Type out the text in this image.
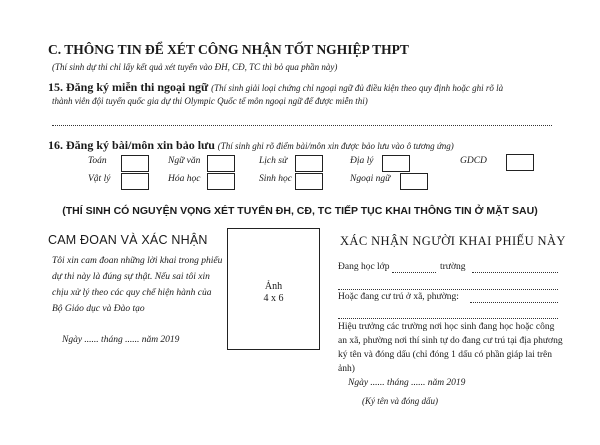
C. THÔNG TIN ĐỂ XÉT CÔNG NHẬN TỐT NGHIỆP THPT
(Thí sinh dự thi chỉ lấy kết quả xét tuyển vào ĐH, CĐ, TC thì bỏ qua phần này)
15. Đăng ký miễn thi ngoại ngữ (Thí sinh giải loại chứng chỉ ngoại ngữ đủ điều kiện theo quy định hoặc ghi rõ là
thành viên đội tuyển quốc gia dự thi Olympic Quốc tế môn ngoại ngữ để được miễn thi)
16. Đăng ký bài/môn xin bảo lưu (Thí sinh ghi rõ điểm bài/môn xin được bảo lưu vào ô tương ứng)
Toán	Ngữ văn	Lịch sử	Địa lý	GDCD
Vật lý	Hóa học	Sinh học	Ngoại ngữ
(THÍ SINH CÓ NGUYỆN VỌNG XÉT TUYỂN ĐH, CĐ, TC TIẾP TỤC KHAI THÔNG TIN Ở MẶT SAU)
CAM ĐOAN VÀ XÁC NHẬN
Tôi xin cam đoan những lời khai trong phiếu dự thi này là đúng sự thật. Nếu sai tôi xin chịu xử lý theo các quy chế hiện hành của Bộ Giáo dục và Đào tạo
Ngày ...... tháng ...... năm 2019
Ảnh
4 x 6
XÁC NHẬN NGƯỜI KHAI PHIẾU NÀY
Đang học lớp	trường
Hoặc đang cư trú ở xã, phường:
Hiệu trưởng các trường nơi học sinh đang học hoặc công an xã, phường nơi thí sinh tự do đang cư trú tại địa phương ký tên và đóng dấu (chỉ đóng 1 dấu có phần giáp lai trên ảnh)
Ngày ...... tháng ...... năm 2019
(Ký tên và đóng dấu)
